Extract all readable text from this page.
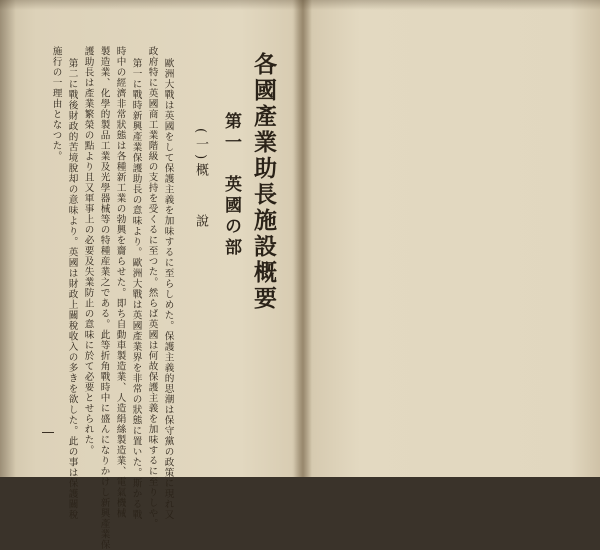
各國產業助長施設概要
第一　英國の部
(一)概　　說
歐洲大戰は英國をして保護主義を加味するに至らしめた。保護主義的思潮は保守黨の政策に現れ又
政府特に英國商工業階級の支持を受くるに至つた。然らば英國は何故保護主義を加味するに至りしや。
第一に戰時新興產業保護助長の意味より。歐洲大戰は英國產業界を非常の狀態に置いた。斯かる戰
時中の經濟非常狀態は各種新工業の勃興を齎らせた。即ち自動車製造業、人造絹絲製造業、電氣機械
製造業、化學的製品工業及光學器械等の特種産業之である。此等折角戰時中に盛んになりかけし新興產業保
護助長は產業繁榮の點より且又軍事上の必要及失業防止の意味に於て必要とせられた。
第二に戰後財政的苦境脫却の意味より。英國は財政上關稅收入の多きを欲した。此の事は保護關稅
施行の一理由となつた。
